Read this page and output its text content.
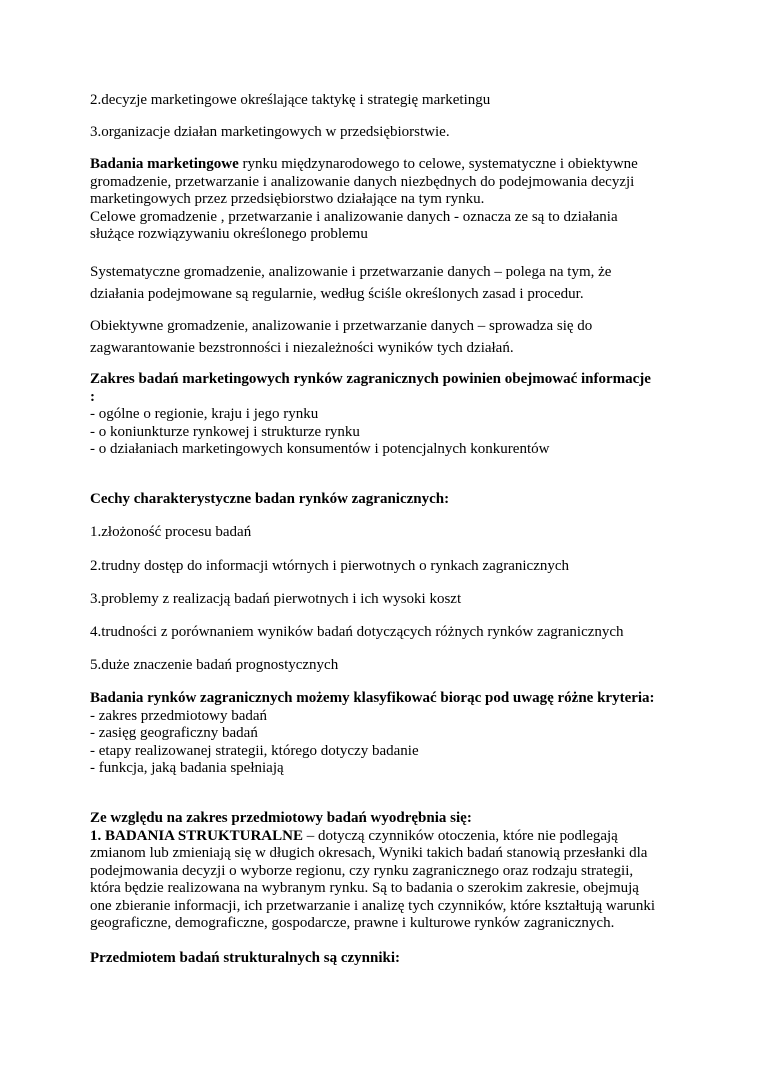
2.decyzje marketingowe określające taktykę i strategię marketingu

3.organizacje działan marketingowych w przedsiębiorstwie.

Badania marketingowe rynku międzynarodowego to celowe, systematyczne i obiektywne
gromadzenie, przetwarzanie i analizowanie danych niezbędnych do podejmowania decyzji
marketingowych przez przedsiębiorstwo działające na tym rynku.
Celowe gromadzenie , przetwarzanie i analizowanie danych - oznacza ze są to działania
służące rozwiązywaniu określonego problemu
Systematyczne gromadzenie, analizowanie i przetwarzanie danych – polega na tym, że
działania podejmowane są regularnie, według ściśle określonych zasad i procedur.
Obiektywne gromadzenie, analizowanie i przetwarzanie danych – sprowadza się do
zagwarantowanie bezstronności i niezależności wyników tych działań.
Zakres badań marketingowych rynków zagranicznych powinien obejmować informacje
:
- ogólne o regionie, kraju i jego rynku
- o koniunkturze rynkowej i strukturze rynku
- o działaniach marketingowych konsumentów i potencjalnych konkurentów

Cechy charakterystyczne badan rynków zagranicznych:

1.złożoność procesu badań

2.trudny dostęp do informacji wtórnych i pierwotnych o rynkach zagranicznych

3.problemy z realizacją badań pierwotnych i ich wysoki koszt

4.trudności z porównaniem wyników badań dotyczących różnych rynków zagranicznych

5.duże znaczenie badań prognostycznych

Badania rynków zagranicznych możemy klasyfikować biorąc pod uwagę różne kryteria:
- zakres przedmiotowy badań
- zasięg geograficzny badań
- etapy realizowanej strategii, którego dotyczy badanie
- funkcja, jaką badania spełniają
Ze względu na zakres przedmiotowy badań wyodrębnia się:
1. BADANIA STRUKTURALNE – dotyczą czynników otoczenia, które nie podlegają
zmianom lub zmieniają się w długich okresach, Wyniki takich badań stanowią przesłanki dla
podejmowania decyzji o wyborze regionu, czy rynku zagranicznego oraz rodzaju strategii,
która będzie realizowana na wybranym rynku. Są to badania o szerokim zakresie, obejmują
one zbieranie informacji, ich przetwarzanie i analizę tych czynników, które kształtują warunki
geograficzne, demograficzne, gospodarcze, prawne i kulturowe rynków zagranicznych.

Przedmiotem badań strukturalnych są czynniki:
